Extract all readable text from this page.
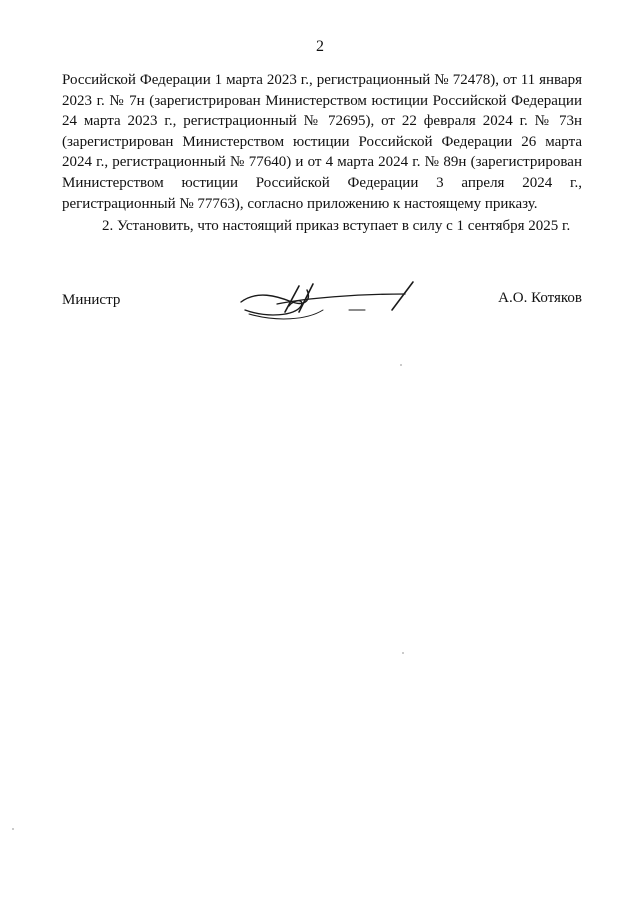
2

Российской Федерации 1 марта 2023 г., регистрационный № 72478), от 11 января 2023 г. № 7н (зарегистрирован Министерством юстиции Российской Федерации 24 марта 2023 г., регистрационный № 72695), от 22 февраля 2024 г. № 73н (зарегистрирован Министерством юстиции Российской Федерации 26 марта 2024 г., регистрационный № 77640) и от 4 марта 2024 г. № 89н (зарегистрирован Министерством юстиции Российской Федерации 3 апреля 2024 г., регистрационный № 77763), согласно приложению к настоящему приказу.

2. Установить, что настоящий приказ вступает в силу с 1 сентября 2025 г.

Министр	А.О. Котяков
